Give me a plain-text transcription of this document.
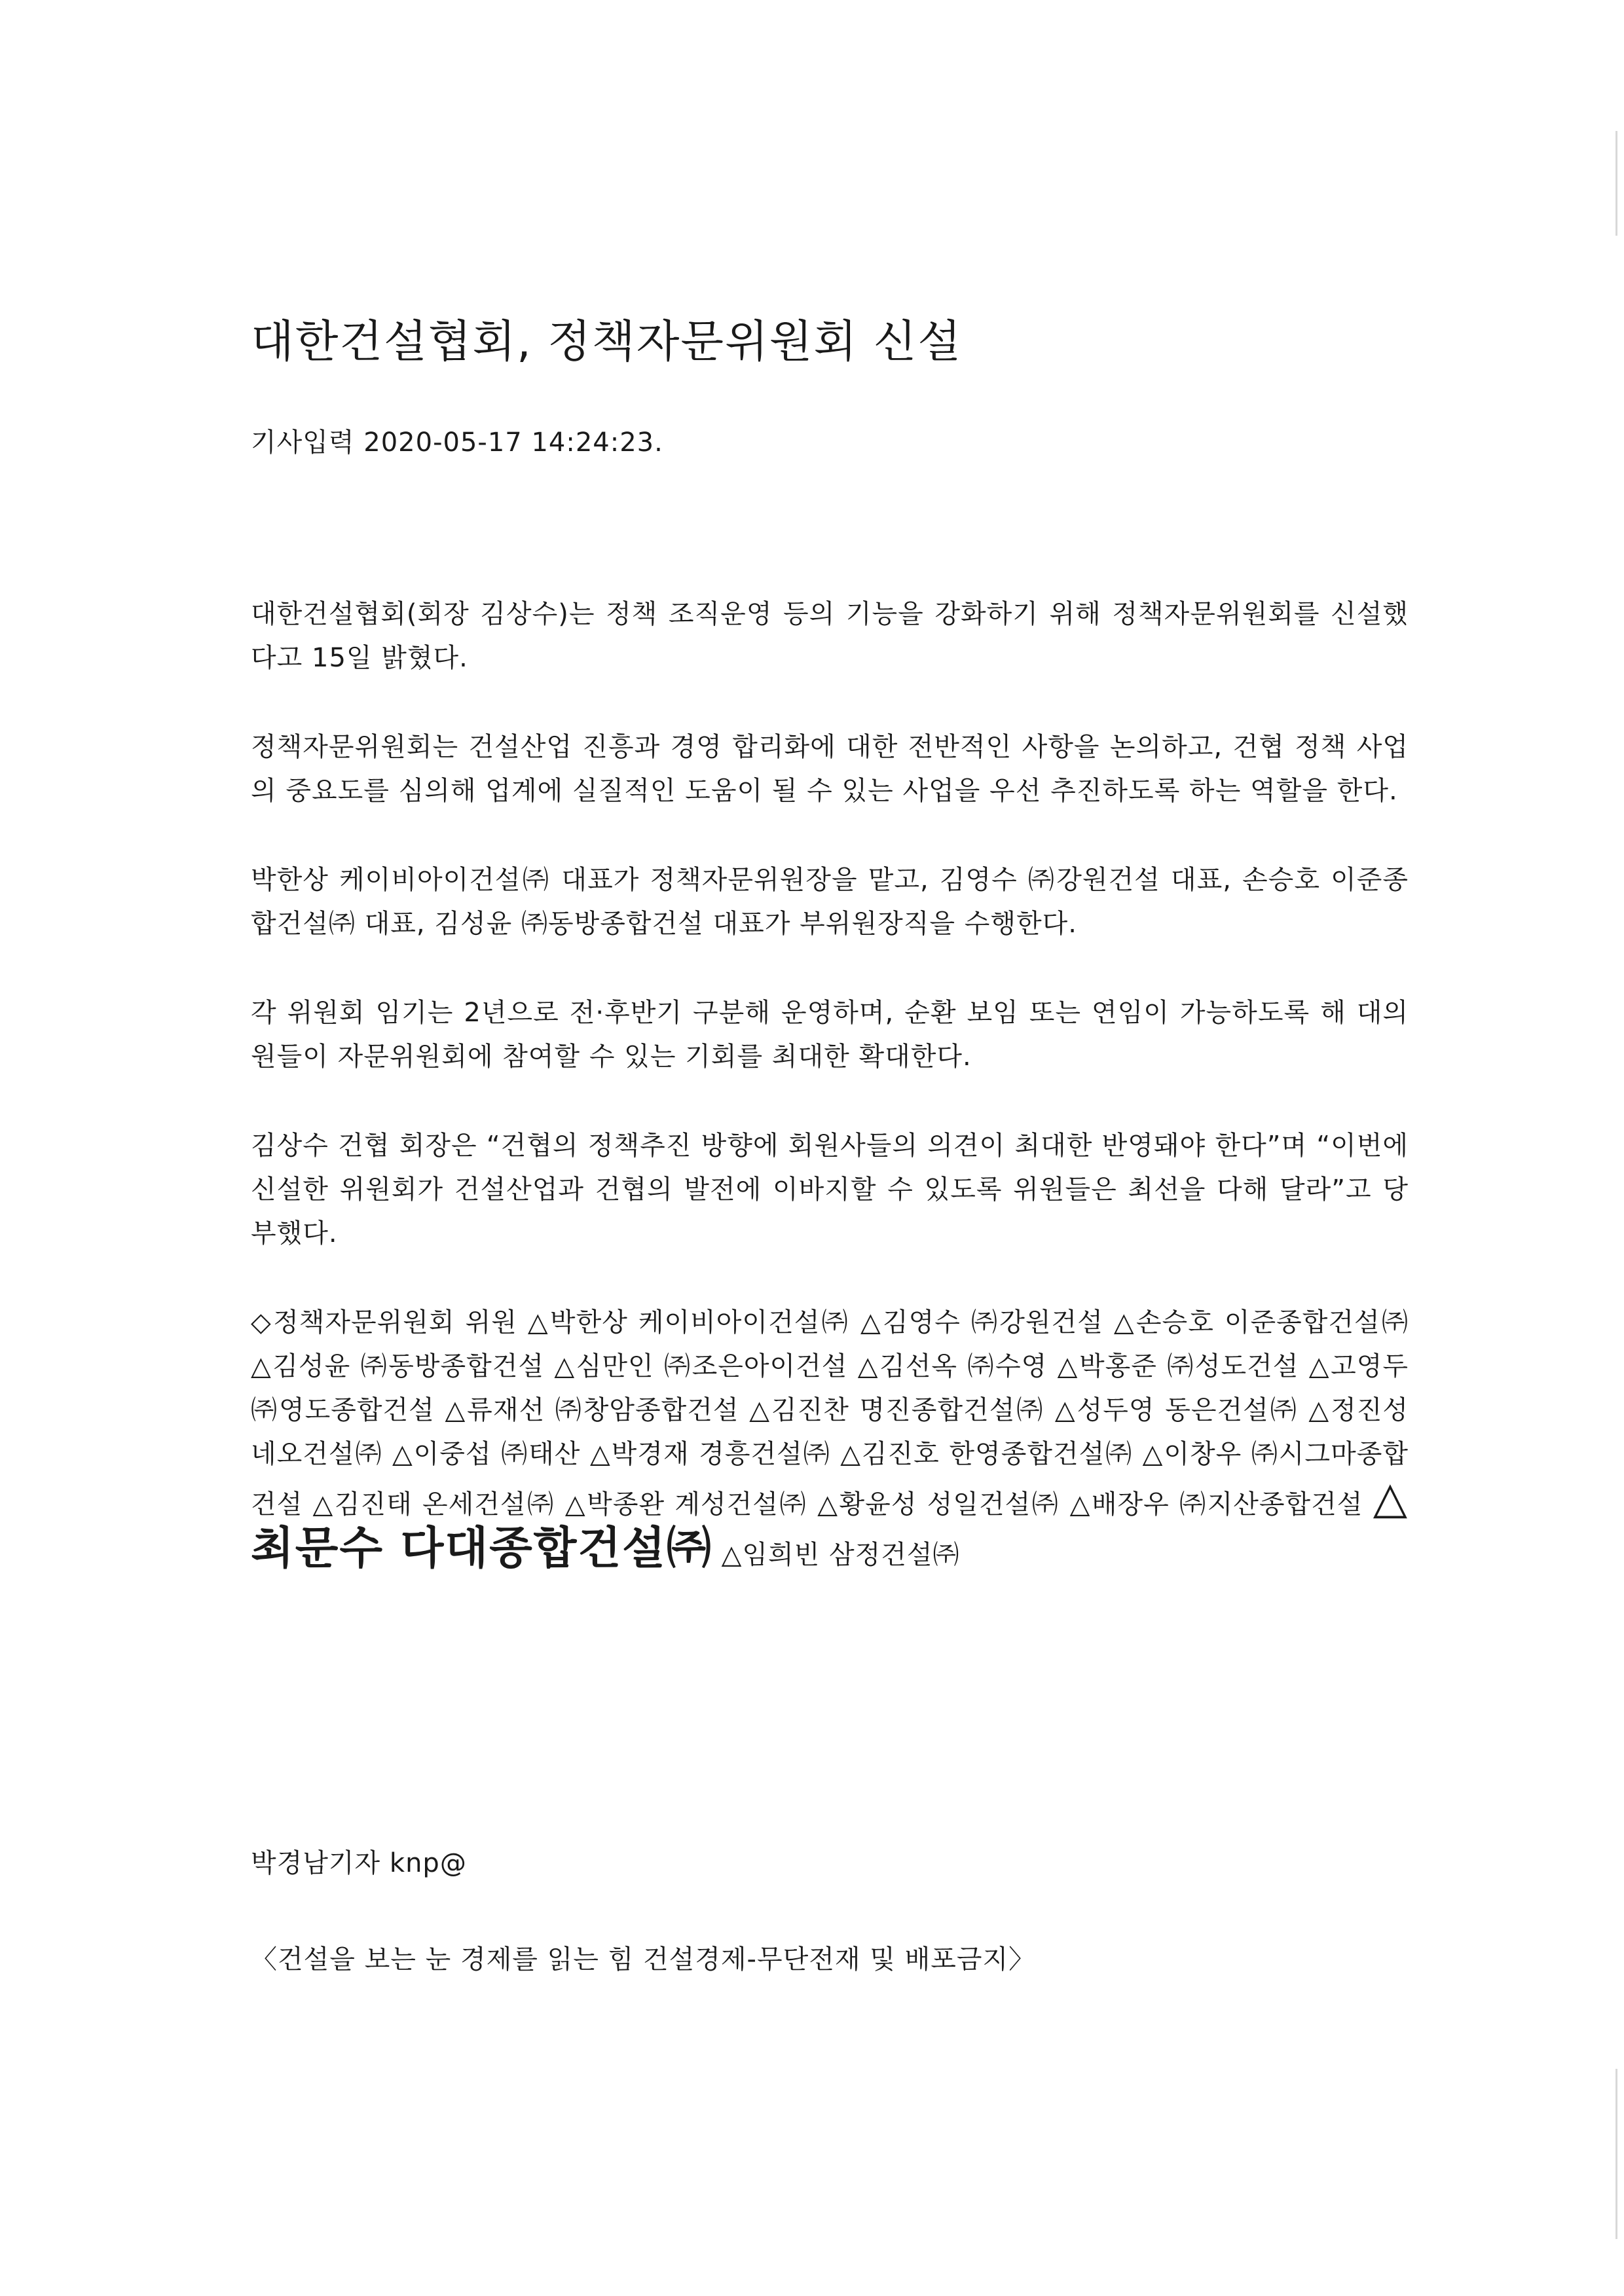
대한건설협회, 정책자문위원회 신설
기사입력 2020-05-17 14:24:23.

대한건설협회(회장 김상수)는 정책 조직운영 등의 기능을 강화하기 위해 정책자문위원회를 신설했다고 15일 밝혔다.

정책자문위원회는 건설산업 진흥과 경영 합리화에 대한 전반적인 사항을 논의하고, 건협 정책 사업의 중요도를 심의해 업계에 실질적인 도움이 될 수 있는 사업을 우선 추진하도록 하는 역할을 한다.

박한상 케이비아이건설㈜ 대표가 정책자문위원장을 맡고, 김영수 ㈜강원건설 대표, 손승호 이준종합건설㈜ 대표, 김성윤 ㈜동방종합건설 대표가 부위원장직을 수행한다.

각 위원회 임기는 2년으로 전·후반기 구분해 운영하며, 순환 보임 또는 연임이 가능하도록 해 대의원들이 자문위원회에 참여할 수 있는 기회를 최대한 확대한다.

김상수 건협 회장은 “건협의 정책추진 방향에 회원사들의 의견이 최대한 반영돼야 한다”며 “이번에 신설한 위원회가 건설산업과 건협의 발전에 이바지할 수 있도록 위원들은 최선을 다해 달라”고 당부했다.

◇정책자문위원회 위원 △박한상 케이비아이건설㈜ △김영수 ㈜강원건설 △손승호 이준종합건설㈜ △김성윤 ㈜동방종합건설 △심만인 ㈜조은아이건설 △김선옥 ㈜수영 △박홍준 ㈜성도건설 △고영두 ㈜영도종합건설 △류재선 ㈜창암종합건설 △김진찬 명진종합건설㈜ △성두영 동은건설㈜ △정진성 네오건설㈜ △이중섭 ㈜태산 △박경재 경흥건설㈜ △김진호 한영종합건설㈜ △이창우 ㈜시그마종합건설 △김진태 온세건설㈜ △박종완 계성건설㈜ △황윤성 성일건설㈜ △배장우 ㈜지산종합건설 △최문수 다대종합건설㈜ △임희빈 삼정건설㈜

박경남기자 knp@
〈건설을 보는 눈 경제를 읽는 힘 건설경제-무단전재 및 배포금지〉
